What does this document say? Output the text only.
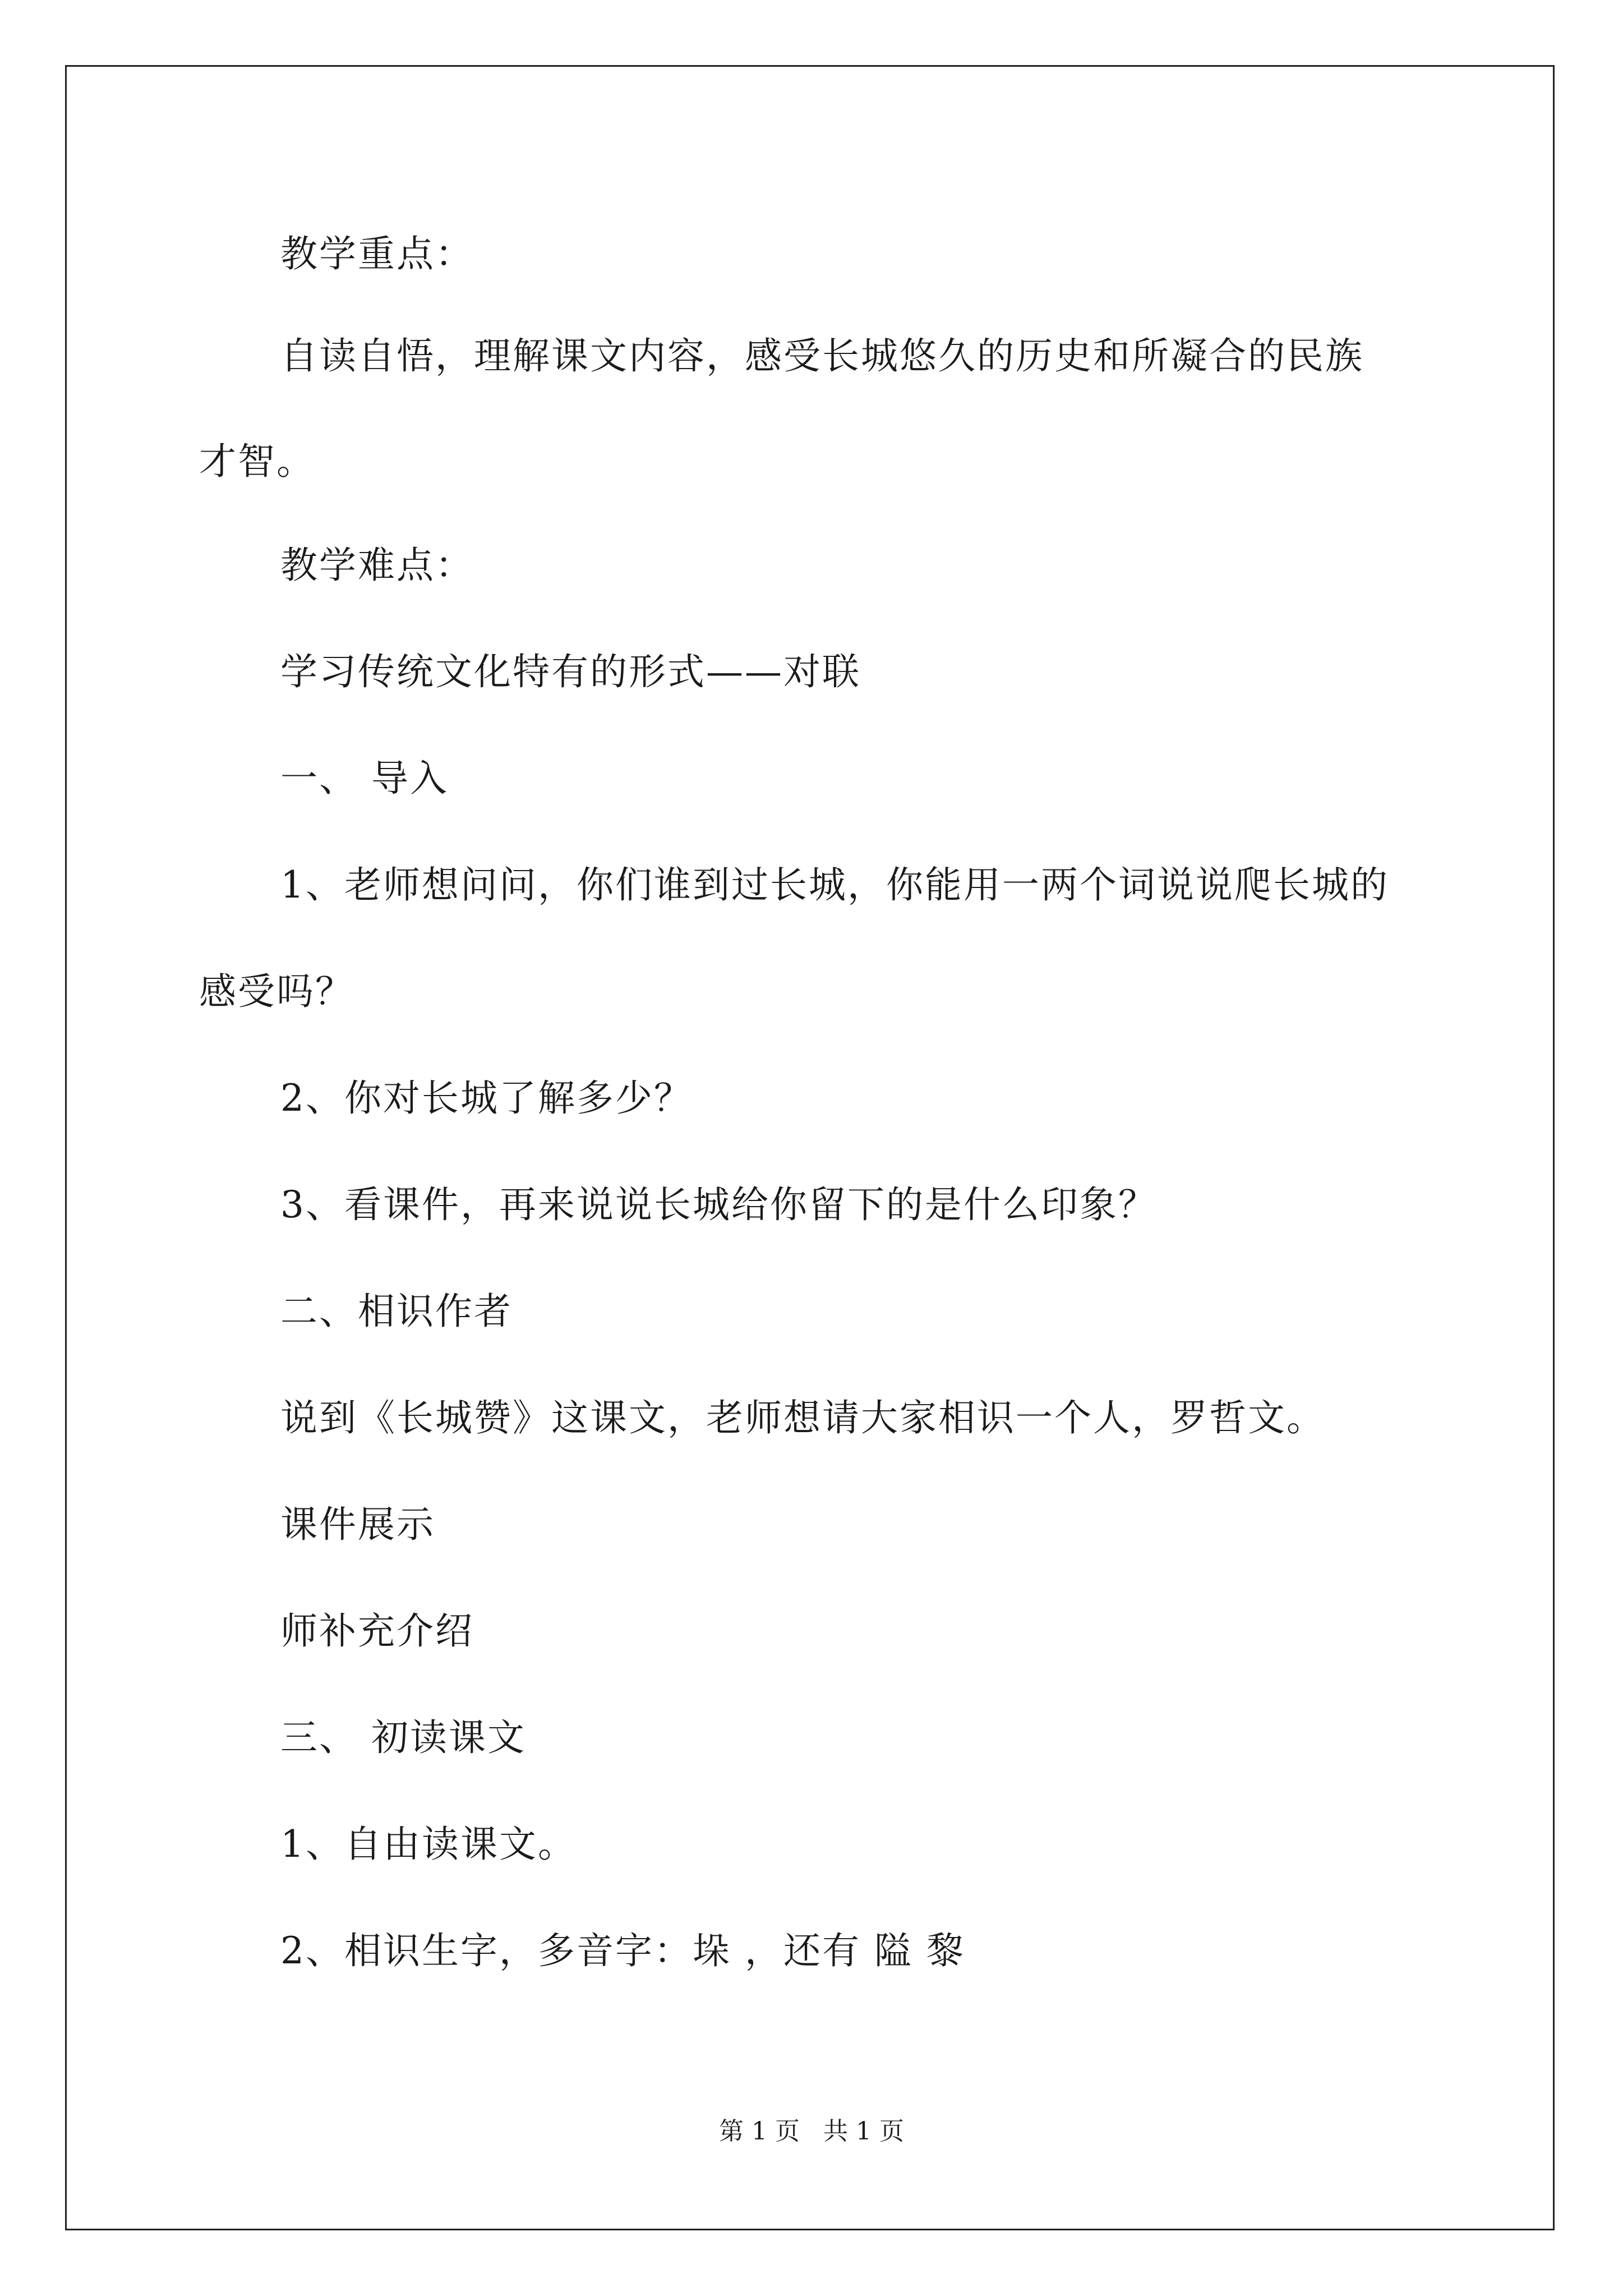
教学重点：

自读自悟，理解课文内容，感受长城悠久的历史和所凝合的民族

才智。

教学难点：

学习传统文化特有的形式——对联

一、 导入

1、老师想问问，你们谁到过长城，你能用一两个词说说爬长城的

感受吗？

2、你对长城了解多少？

3、看课件，再来说说长城给你留下的是什么印象？

二、相识作者

说到《长城赞》这课文，老师想请大家相识一个人，罗哲文。

课件展示

师补充介绍

三、 初读课文

1、自由读课文。

2、相识生字，多音字：垛 ，还有 隘 黎

第 1 页 共 1 页
